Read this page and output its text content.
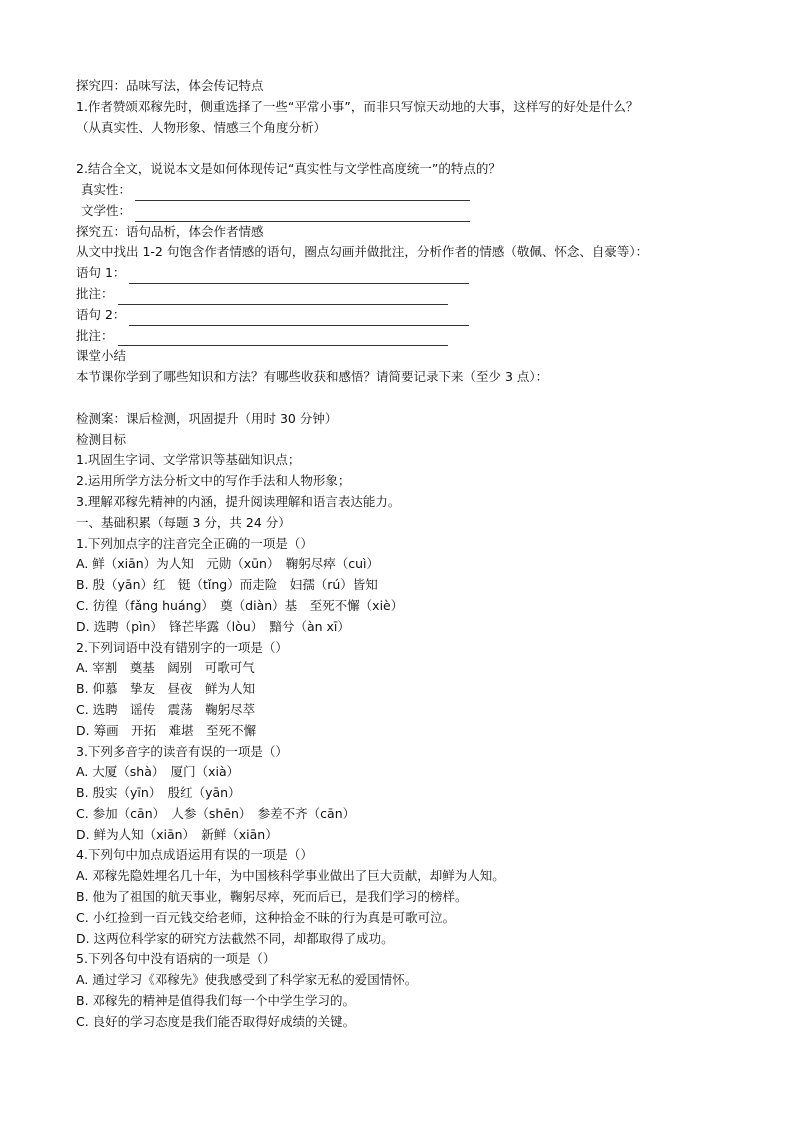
探究四：品味写法，体会传记特点
1.作者赞颂邓稼先时，侧重选择了一些“平常小事”，而非只写惊天动地的大事，这样写的好处是什么？
（从真实性、人物形象、情感三个角度分析）
2.结合全文，说说本文是如何体现传记“真实性与文学性高度统一”的特点的？
真实性：
文学性：
探究五：语句品析，体会作者情感
从文中找出 1-2 句饱含作者情感的语句，圈点勾画并做批注，分析作者的情感（敬佩、怀念、自豪等）：
语句 1：
批注：
语句 2：
批注：
课堂小结
本节课你学到了哪些知识和方法？有哪些收获和感悟？请简要记录下来（至少 3 点）：
检测案：课后检测，巩固提升（用时 30 分钟）
检测目标
1.巩固生字词、文学常识等基础知识点；
2.运用所学方法分析文中的写作手法和人物形象；
3.理解邓稼先精神的内涵，提升阅读理解和语言表达能力。
一、基础积累（每题 3 分，共 24 分）
1.下列加点字的注音完全正确的一项是（）
A. 鲜（xiān）为人知　元勋（xūn）　鞠躬尽瘁（cuì）
B. 殷（yān）红　铤（tǐng）而走险　妇孺（rú）皆知
C. 彷徨（fǎng huáng）　奠（diàn）基　至死不懈（xiè）
D. 选聘（pìn）　锋芒毕露（lòu）　黯兮（àn xī）
2.下列词语中没有错别字的一项是（）
A. 宰割　奠基　阔别　可歌可气
B. 仰慕　挚友　昼夜　鲜为人知
C. 选聘　谣传　震荡　鞠躬尽萃
D. 筹画　开拓　难堪　至死不懈
3.下列多音字的读音有误的一项是（）
A. 大厦（shà）　厦门（xià）
B. 殷实（yīn）　殷红（yān）
C. 参加（cān）　人参（shēn）　参差不齐（cān）
D. 鲜为人知（xiān）　新鲜（xiān）
4.下列句中加点成语运用有误的一项是（）
A. 邓稼先隐姓埋名几十年，为中国核科学事业做出了巨大贡献，却鲜为人知。
B. 他为了祖国的航天事业，鞠躬尽瘁，死而后已，是我们学习的榜样。
C. 小红捡到一百元钱交给老师，这种拾金不昧的行为真是可歌可泣。
D. 这两位科学家的研究方法截然不同，却都取得了成功。
5.下列各句中没有语病的一项是（）
A. 通过学习《邓稼先》使我感受到了科学家无私的爱国情怀。
B. 邓稼先的精神是值得我们每一个中学生学习的。
C. 良好的学习态度是我们能否取得好成绩的关键。
